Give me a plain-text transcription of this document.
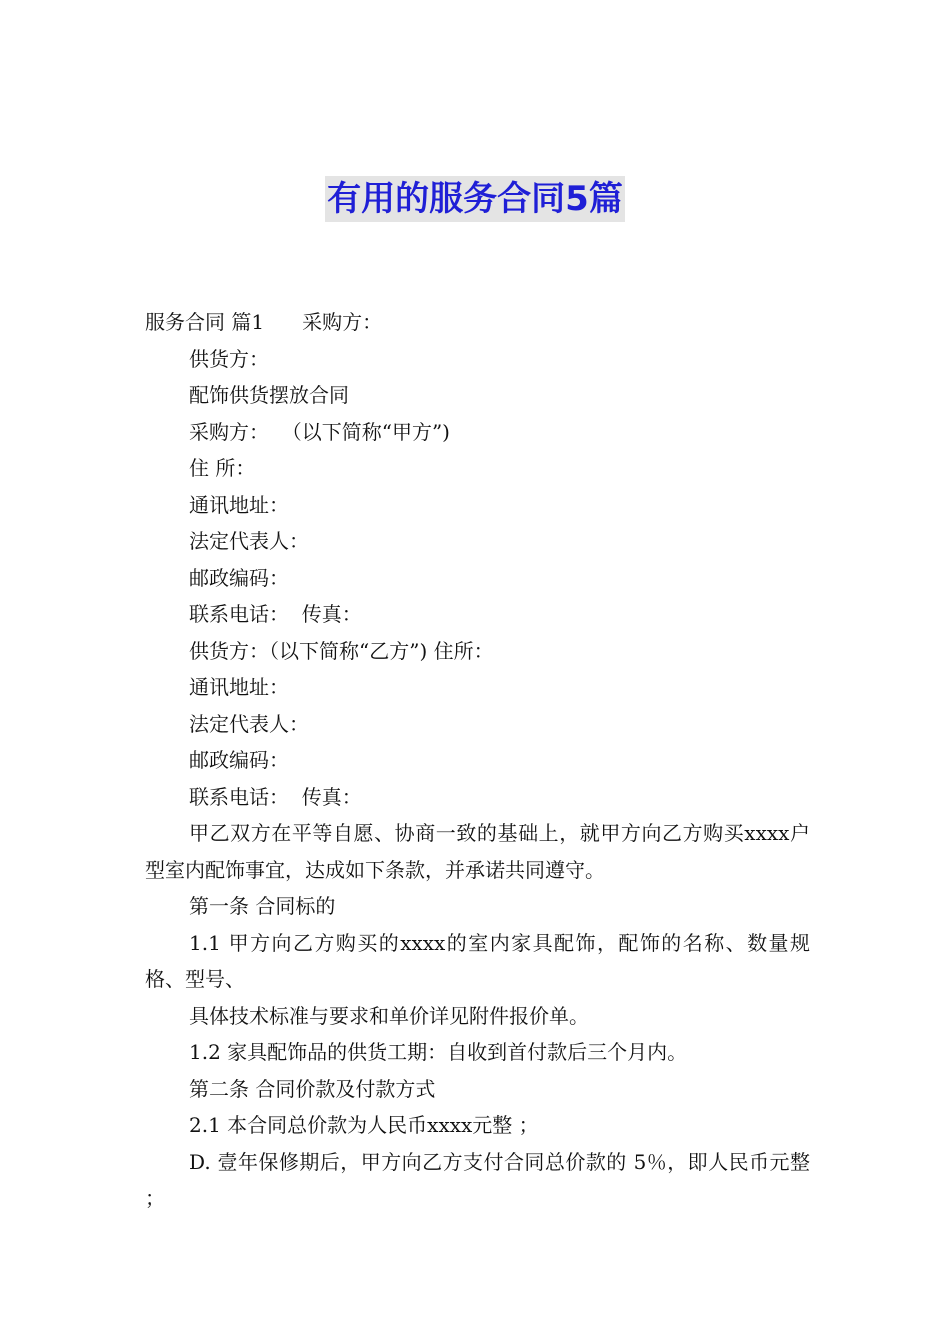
有用的服务合同5篇

服务合同 篇1 采购方：

供货方：

配饰供货摆放合同

采购方：  （以下简称“甲方”)

住 所：

通讯地址：

法定代表人：

邮政编码：

联系电话：  传真：

供货方：（以下简称“乙方”) 住所：

通讯地址：

法定代表人：

邮政编码：

联系电话：  传真：

甲乙双方在平等自愿、协商一致的基础上，就甲方向乙方购买xxxx户型室内配饰事宜，达成如下条款，并承诺共同遵守。

第一条 合同标的

1.1 甲方向乙方购买的xxxx的室内家具配饰，配饰的名称、数量规格、型号、

具体技术标准与要求和单价详见附件报价单。

1.2 家具配饰品的供货工期：自收到首付款后三个月内。

第二条 合同价款及付款方式

2.1 本合同总价款为人民币xxxx元整 ；

D. 壹年保修期后，甲方向乙方支付合同总价款的 5％，即人民币元整 ；
